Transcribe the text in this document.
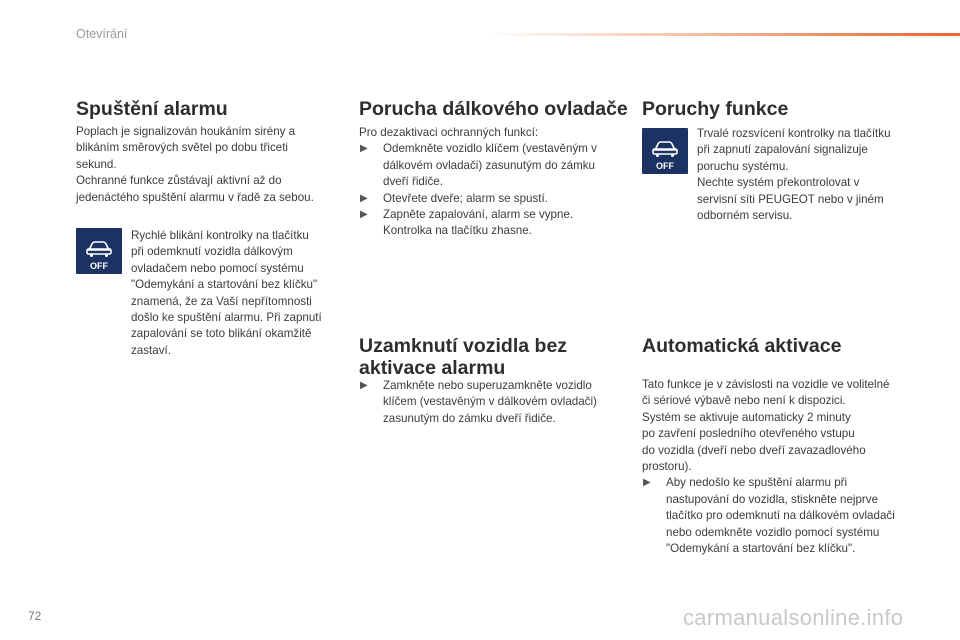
Otevírání
Spuštění alarmu

Poplach je signalizován houkáním sirény a

blikáním směrových světel po dobu třiceti

sekund.

Ochranné funkce zůstávají aktivní až do

jedenáctého spuštění alarmu v řadě za sebou.

OFF

Rychlé blikání kontrolky na tlačítku

při odemknutí vozidla dálkovým

ovladačem nebo pomocí systému

"Odemykání a startování bez klíčku"

znamená, že za Vaší nepřítomnosti

došlo ke spuštění alarmu. Při zapnutí

zapalování se toto blikání okamžitě

zastaví.

Porucha dálkového ovladače

Pro dezaktivaci ochranných funkcí:

▶ Odemkněte vozidlo klíčem (vestavěným v

dálkovém ovladači) zasunutým do zámku

dveří řidiče.

▶ Otevřete dveře; alarm se spustí.

▶ Zapněte zapalování, alarm se vypne.

Kontrolka na tlačítku zhasne.

Uzamknutí vozidla bez
aktivace alarmu
▶ Zamkněte nebo superuzamkněte vozidlo

klíčem (vestavěným v dálkovém ovladači)

zasunutým do zámku dveří řidiče.

Poruchy funkce
OFF

Trvalé rozsvícení kontrolky na tlačítku

při zapnutí zapalování signalizuje

poruchu systému.

Nechte systém překontrolovat v

servisní síti PEUGEOT nebo v jiném

odborném servisu.

Automatická aktivace

Tato funkce je v závislosti na vozidle ve volitelné

či sériové výbavě nebo není k dispozici.

Systém se aktivuje automaticky 2 minuty

po zavření posledního otevřeného vstupu

do vozidla (dveří nebo dveří zavazadlového

prostoru).

▶ Aby nedošlo ke spuštění alarmu při

nastupování do vozidla, stiskněte nejprve

tlačítko pro odemknutí na dálkovém ovladači

nebo odemkněte vozidlo pomocí systému

"Odemykání a startování bez klíčku".

72	carmanualsonline.info
